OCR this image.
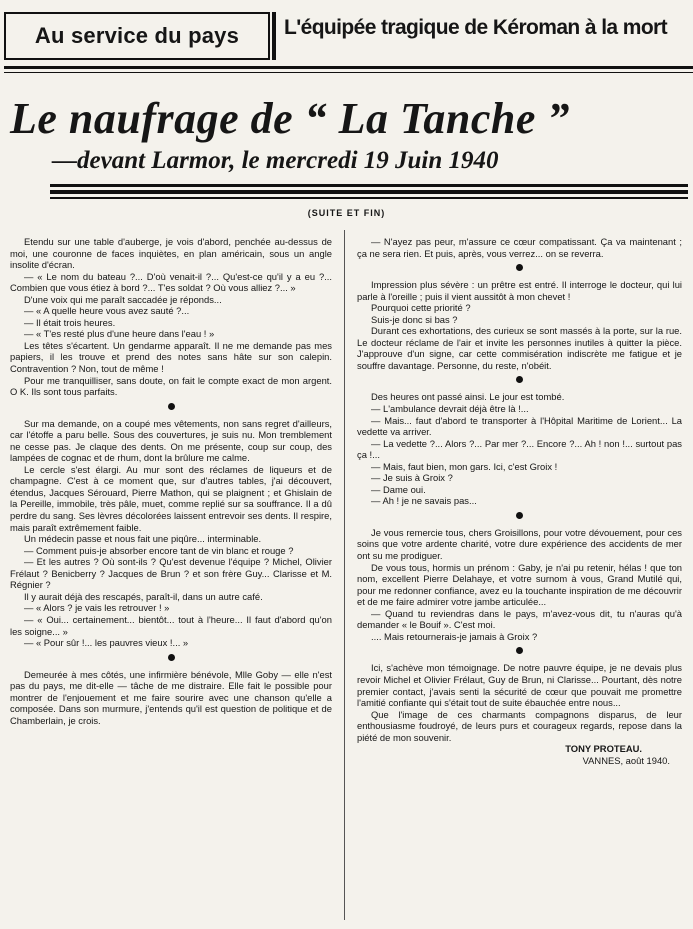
Au service du pays L'équipée tragique de Kéroman à la mort
Le naufrage de “ La Tanche ”
—devant Larmor, le mercredi 19 Juin 1940
(SUITE ET FIN)

Etendu sur une table d'auberge, je vois d'abord, penchée au-dessus de moi, une couronne de faces inquiètes, en plan américain, sous un angle insolite d'écran.

— « Le nom du bateau ?... D'où venait-il ?... Qu'est-ce qu'il y a eu ?... Combien que vous étiez à bord ?... T'es soldat ? Où vous alliez ?... »

D'une voix qui me paraît saccadée je réponds...

— « A quelle heure vous avez sauté ?...

— Il était trois heures.

— « T'es resté plus d'une heure dans l'eau ! »

Les têtes s'écartent. Un gendarme apparaît. Il ne me demande pas mes papiers, il les trouve et prend des notes sans hâte sur son calepin. Contravention ? Non, tout de même !

Pour me tranquilliser, sans doute, on fait le compte exact de mon argent. O K. Ils sont tous parfaits.

Sur ma demande, on a coupé mes vêtements, non sans regret d'ailleurs, car l'étoffe a paru belle. Sous des couvertures, je suis nu. Mon tremblement ne cesse pas. Je claque des dents. On me présente, coup sur coup, des lampées de cognac et de rhum, dont la brûlure me calme.

Le cercle s'est élargi. Au mur sont des réclames de liqueurs et de champagne. C'est à ce moment que, sur d'autres tables, j'ai découvert, étendus, Jacques Sérouard, Pierre Mathon, qui se plaignent ; et Ghislain de la Pereille, immobile, très pâle, muet, comme replié sur sa souffrance. Il a dû perdre du sang. Ses lèvres décolorées laissent entrevoir ses dents. Il respire, mais paraît extrêmement faible.

Un médecin passe et nous fait une piqûre... interminable.

— Comment puis-je absorber encore tant de vin blanc et rouge ?

— Et les autres ? Où sont-ils ? Qu'est devenue l'équipe ? Michel, Olivier Frélaut ? Benicberry ? Jacques de Brun ? et son frère Guy... Clarisse et M. Régnier ?

Il y aurait déjà des rescapés, paraît-il, dans un autre café.

— « Alors ? je vais les retrouver ! »

— « Oui... certainement... bientôt... tout à l'heure... Il faut d'abord qu'on les soigne... »

— « Pour sûr !... les pauvres vieux !... »

Demeurée à mes côtés, une infirmière bénévole, Mlle Goby — elle n'est pas du pays, me dit-elle — tâche de me distraire. Elle fait le possible pour montrer de l'enjouement et me faire sourire avec une chanson qu'elle a composée. Dans son murmure, j'entends qu'il est question de politique et de Chamberlain, je crois.

— N'ayez pas peur, m'assure ce cœur compatissant. Ça va maintenant ; ça ne sera rien. Et puis, après, vous verrez... on se reverra.

Impression plus sévère : un prêtre est entré. Il interroge le docteur, qui lui parle à l'oreille ; puis il vient aussitôt à mon chevet !

Pourquoi cette priorité ?

Suis-je donc si bas ?

Durant ces exhortations, des curieux se sont massés à la porte, sur la rue. Le docteur réclame de l'air et invite les personnes inutiles à quitter la pièce. J'approuve d'un signe, car cette commisération indiscrète me fatigue et je souffre davantage. Personne, du reste, n'obéit.

Des heures ont passé ainsi. Le jour est tombé.

— L'ambulance devrait déjà être là !...

— Mais... faut d'abord te transporter à l'Hôpital Maritime de Lorient... La vedette va arriver.

— La vedette ?... Alors ?... Par mer ?... Encore ?... Ah ! non !... surtout pas ça !...

— Mais, faut bien, mon gars. Ici, c'est Groix !

— Je suis à Groix ?

— Dame oui.

— Ah ! je ne savais pas...

Je vous remercie tous, chers Groisillons, pour votre dévouement, pour ces soins que votre ardente charité, votre dure expérience des accidents de mer ont su me prodiguer.

De vous tous, hormis un prénom : Gaby, je n'ai pu retenir, hélas ! que ton nom, excellent Pierre Delahaye, et votre surnom à vous, Grand Mutilé qui, pour me redonner confiance, avez eu la touchante inspiration de me découvrir et de me faire admirer votre jambe articulée...

— Quand tu reviendras dans le pays, m'avez-vous dit, tu n'auras qu'à demander « le Bouif ». C'est moi.

.... Mais retournerais-je jamais à Groix ?

Ici, s'achève mon témoignage. De notre pauvre équipe, je ne devais plus revoir Michel et Olivier Frélaut, Guy de Brun, ni Clarisse... Pourtant, dès notre premier contact, j'avais senti la sécurité de cœur que pouvait me promettre l'amitié confiante qui s'était tout de suite ébauchée entre nous...

Que l'image de ces charmants compagnons disparus, de leur enthousiasme foudroyé, de leurs purs et courageux regards, repose dans la piété de mon souvenir.

TONY PROTEAU.

VANNES, août 1940.
